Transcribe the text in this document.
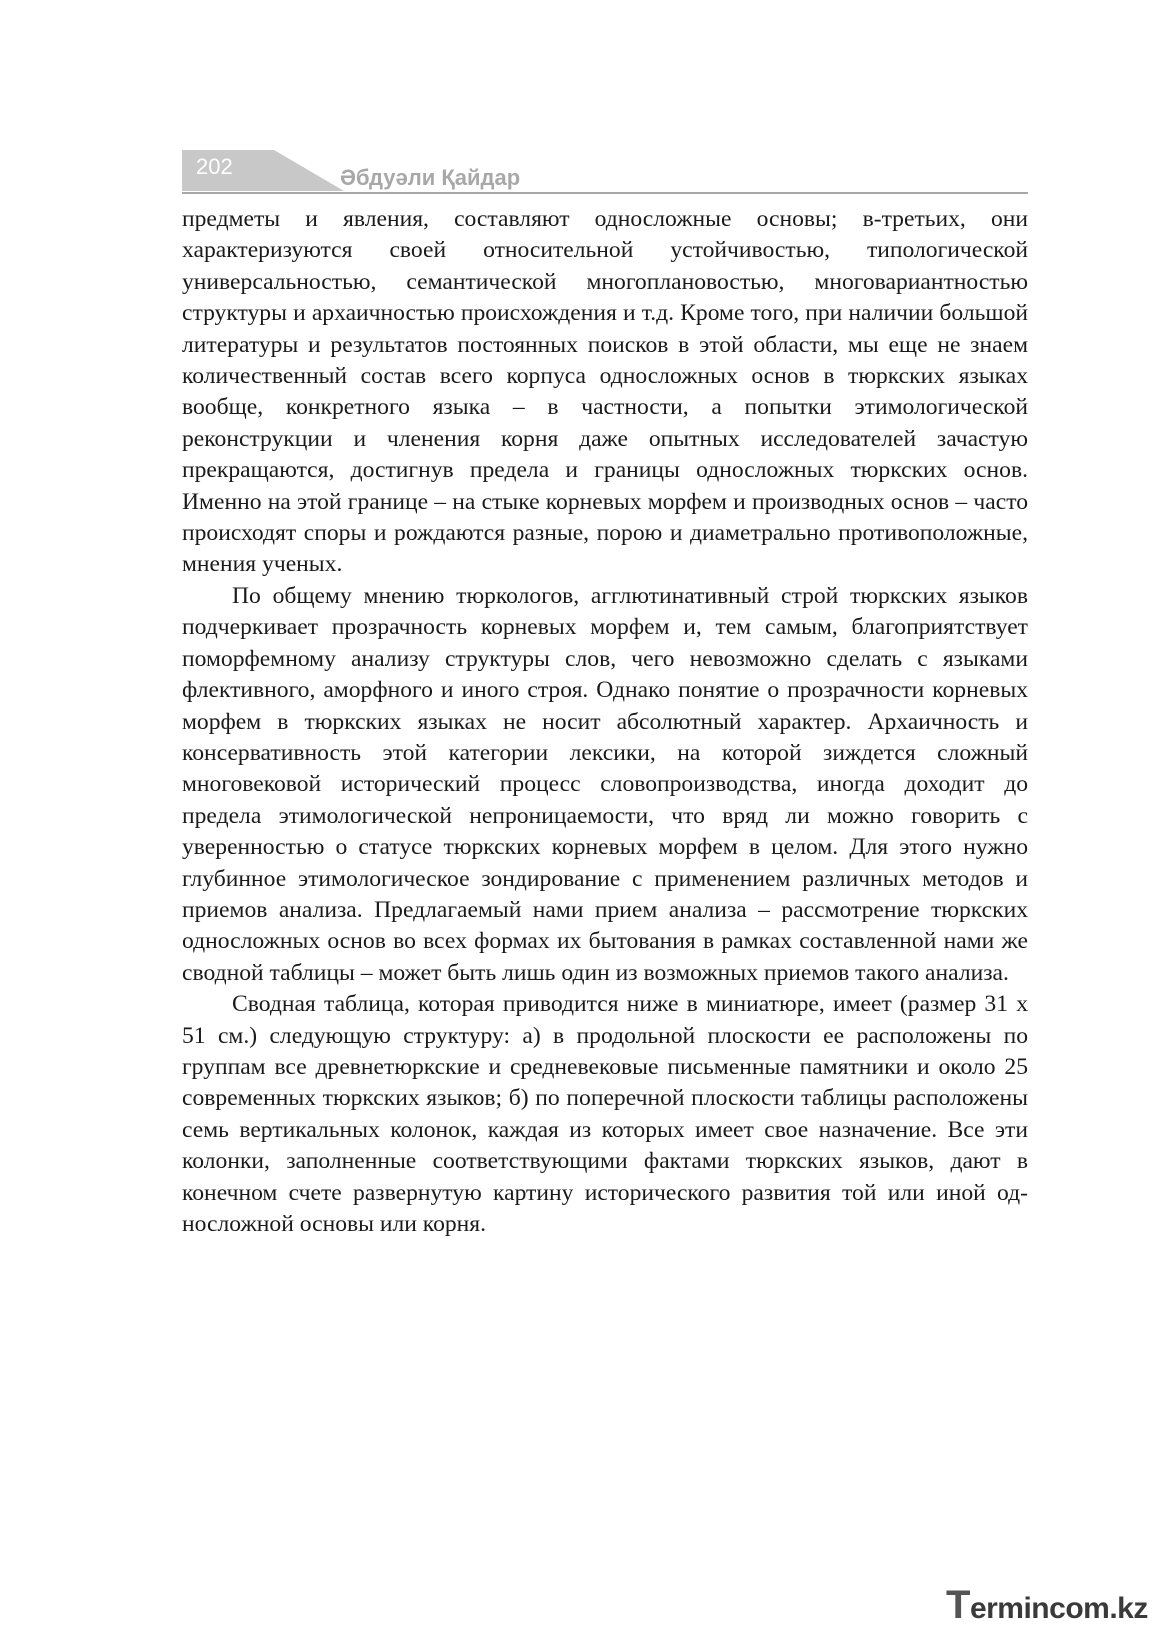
202	Әбдуәли Қайдар

предметы и явления, составляют односложные основы; в-третьих, они характеризуются своей относительной устойчивостью, типологической универсальностью, семантической многоплановостью, многовариантностью структуры и архаичностью происхождения и т.д. Кроме того, при наличии большой литературы и результатов постоянных поисков в этой области, мы еще не знаем количественный состав всего корпуса односложных основ в тюркских языках вообще, конкретного языка – в частности, а попытки этимологической реконструкции и членения корня даже опытных исследователей зачастую прекращаются, достигнув предела и границы односложных тюркских основ. Именно на этой границе – на стыке корневых морфем и производных основ – часто происходят споры и рождаются разные, порою и диаметрально противоположные, мнения ученых.

По общему мнению тюркологов, агглютинативный строй тюркских языков подчеркивает прозрачность корневых морфем и, тем самым, благоприятствует поморфемному анализу структуры слов, чего невозможно сделать с языками флективного, аморфного и иного строя. Однако понятие о прозрачности корневых морфем в тюркских языках не носит абсолютный характер. Архаичность и консервативность этой категории лексики, на которой зиждется сложный многовековой исторический процесс словопроизводства, иногда доходит до предела этимологической непроницаемости, что вряд ли можно говорить с уверенностью о статусе тюркских корневых морфем в целом. Для этого нужно глубинное этимологическое зондирование с применением различных методов и приемов анализа. Предлагаемый нами прием анализа – рассмотрение тюркских односложных основ во всех формах их бытования в рамках составленной нами же сводной таблицы – может быть лишь один из возможных приемов такого анализа.

Сводная таблица, которая приводится ниже в миниатюре, имеет (размер 31 х 51 см.) следующую структуру: а) в продольной плоскости ее расположены по группам все древнетюркские и средневековые письменные памятники и около 25 современных тюркских языков; б) по поперечной плоскости таблицы расположены семь вертикальных колонок, каждая из которых имеет свое назначение. Все эти колонки, заполненные соответствующими фактами тюркских языков, дают в конечном счете развернутую картину исторического развития той или иной односложной основы или корня.

Termincom.kz
